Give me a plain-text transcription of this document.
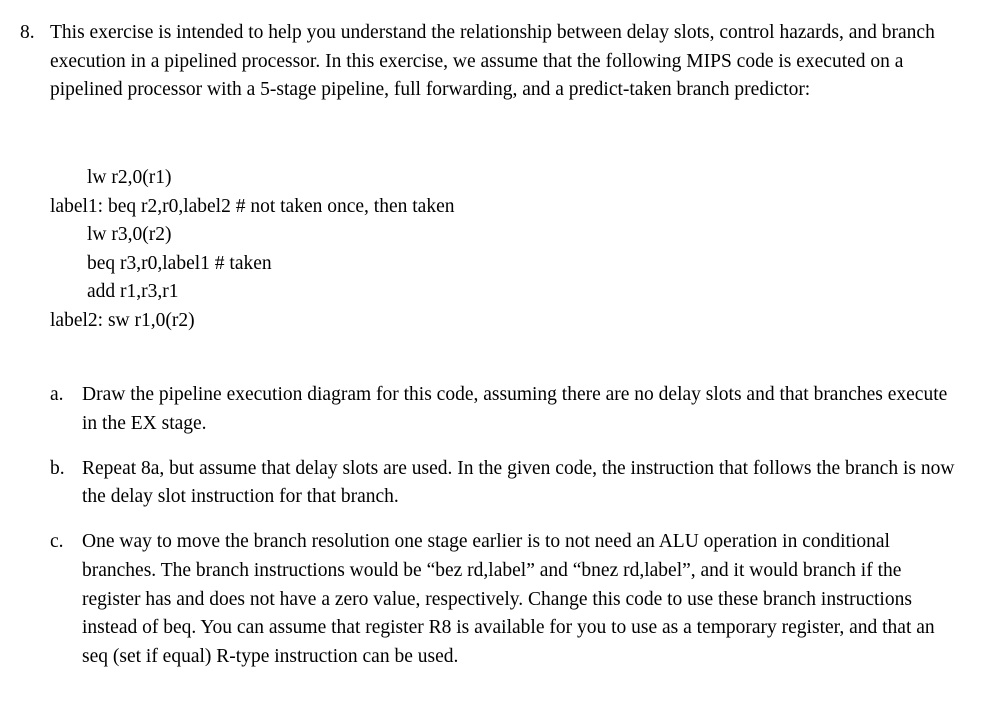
8. This exercise is intended to help you understand the relationship between delay slots, control hazards, and branch execution in a pipelined processor. In this exercise, we assume that the following MIPS code is executed on a pipelined processor with a 5-stage pipeline, full forwarding, and a predict-taken branch predictor:
lw r2,0(r1)
label1: beq r2,r0,label2 # not taken once, then taken
lw r3,0(r2)
beq r3,r0,label1 # taken
add r1,r3,r1
label2: sw r1,0(r2)
a. Draw the pipeline execution diagram for this code, assuming there are no delay slots and that branches execute in the EX stage.
b. Repeat 8a, but assume that delay slots are used. In the given code, the instruction that follows the branch is now the delay slot instruction for that branch.
c. One way to move the branch resolution one stage earlier is to not need an ALU operation in conditional branches. The branch instructions would be “bez rd,label” and “bnez rd,label”, and it would branch if the register has and does not have a zero value, respectively. Change this code to use these branch instructions instead of beq. You can assume that register R8 is available for you to use as a temporary register, and that an seq (set if equal) R-type instruction can be used.
